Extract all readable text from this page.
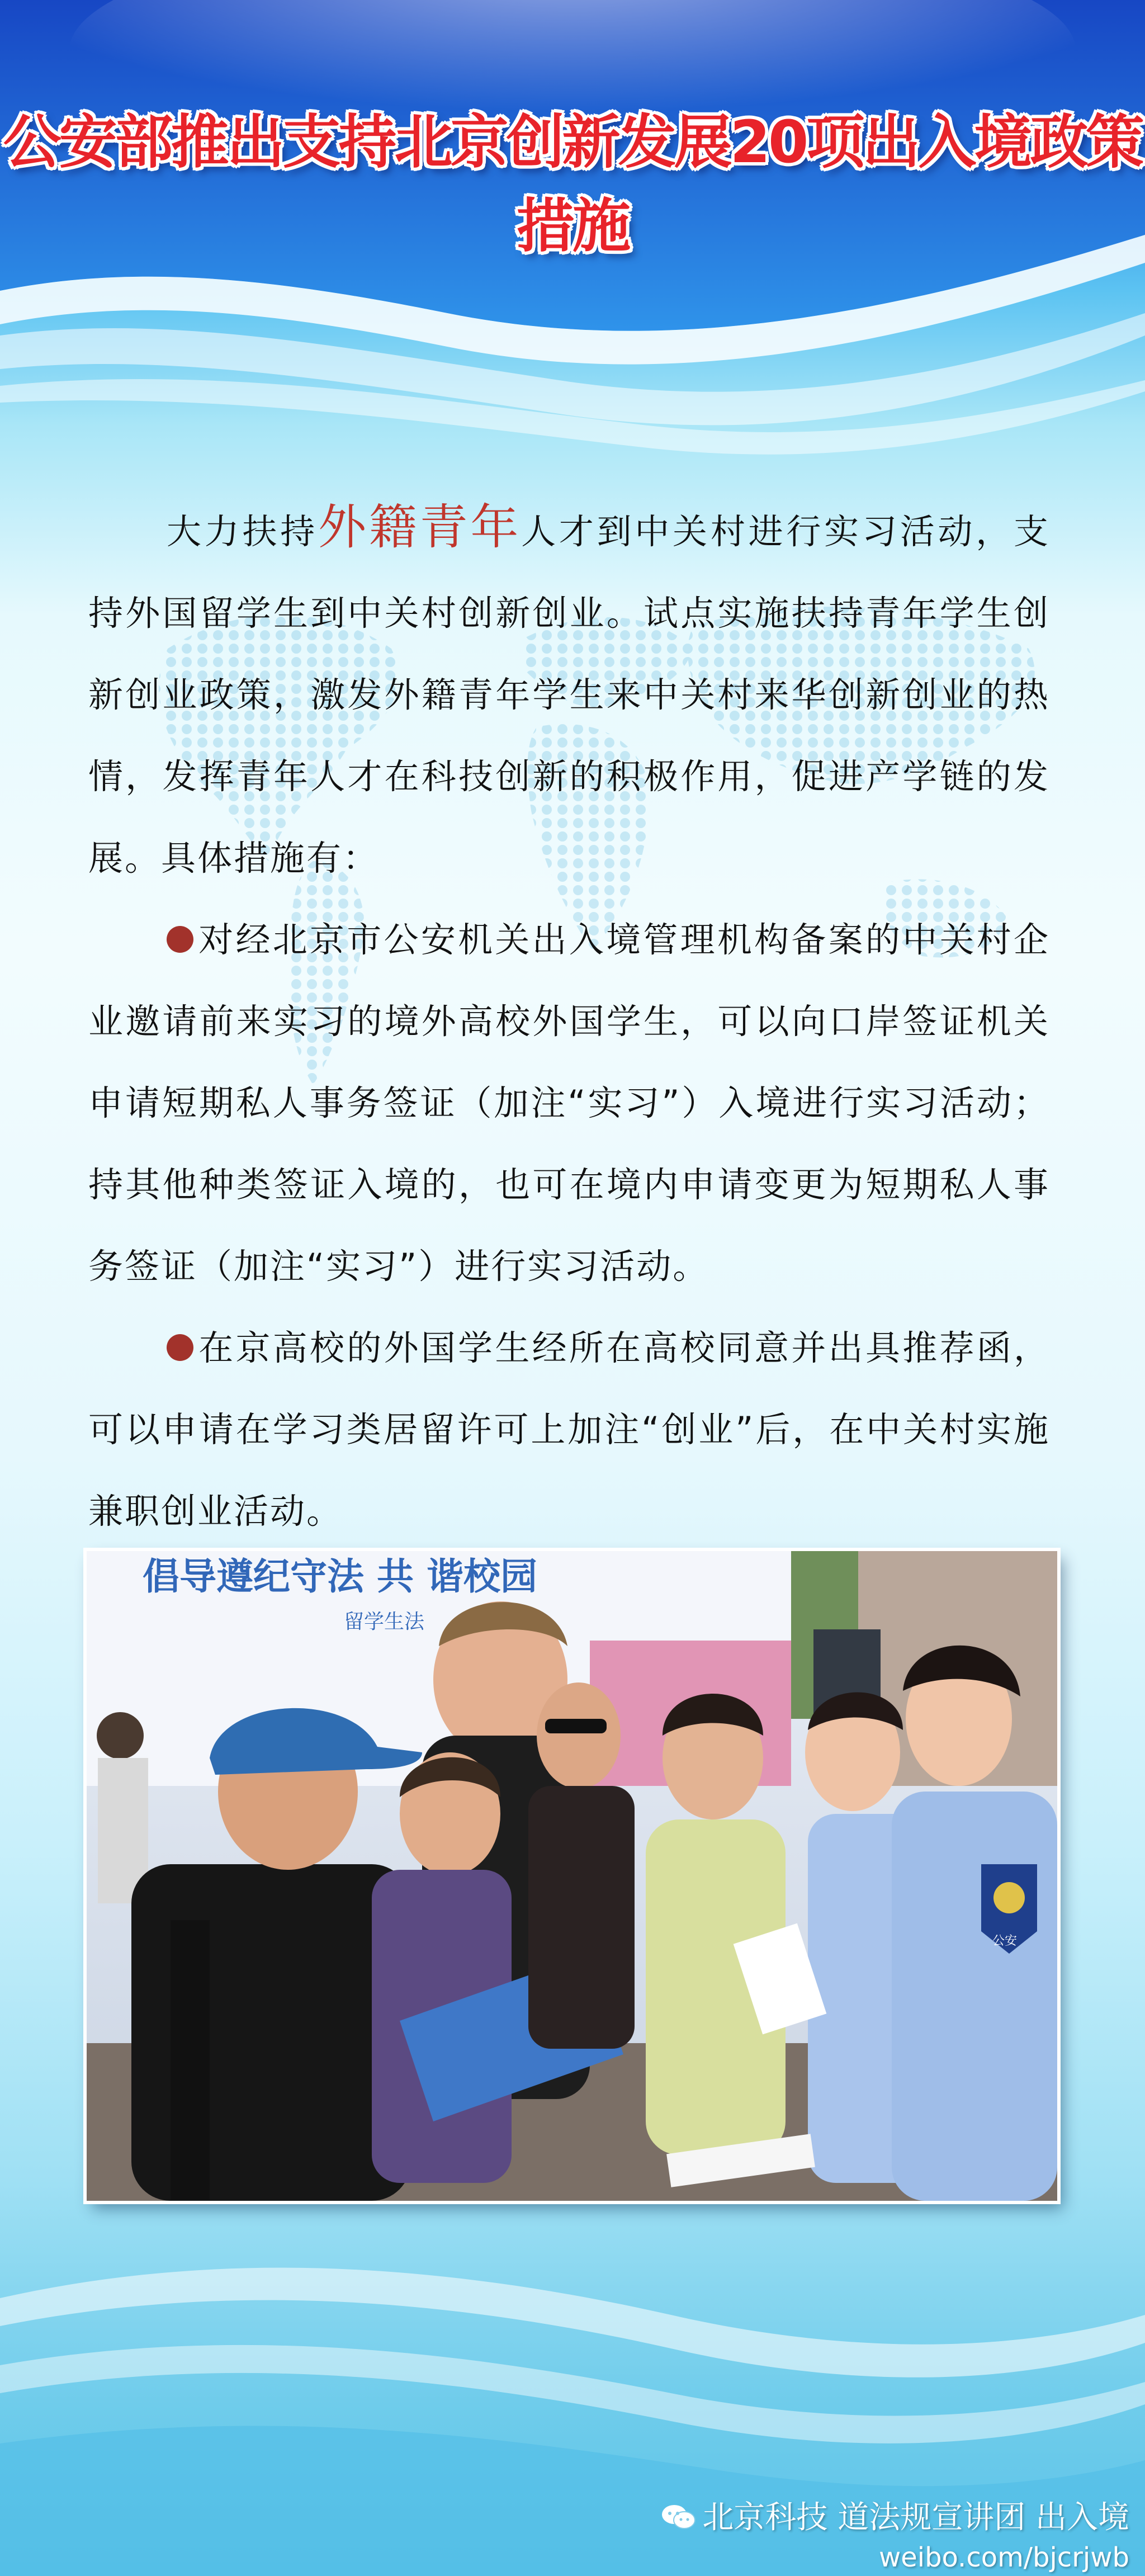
公安部推出支持北京创新发展20项出入境政策措施

大力扶持外籍青年人才到中关村进行实习活动，支持外国留学生到中关村创新创业。试点实施扶持青年学生创新创业政策，激发外籍青年学生来中关村来华创新创业的热情，发挥青年人才在科技创新的积极作用，促进产学链的发展。具体措施有：

对经北京市公安机关出入境管理机构备案的中关村企业邀请前来实习的境外高校外国学生，可以向口岸签证机关申请短期私人事务签证（加注“实习”）入境进行实习活动；持其他种类签证入境的，也可在境内申请变更为短期私人事务签证（加注“实习”）进行实习活动。

在京高校的外国学生经所在高校同意并出具推荐函，可以申请在学习类居留许可上加注“创业”后，在中关村实施兼职创业活动。

倡导遵纪守法 共 谐校园
留学生法
公安
北京科技 道法规宣讲团 出入境
weibo.com/bjcrjwb
